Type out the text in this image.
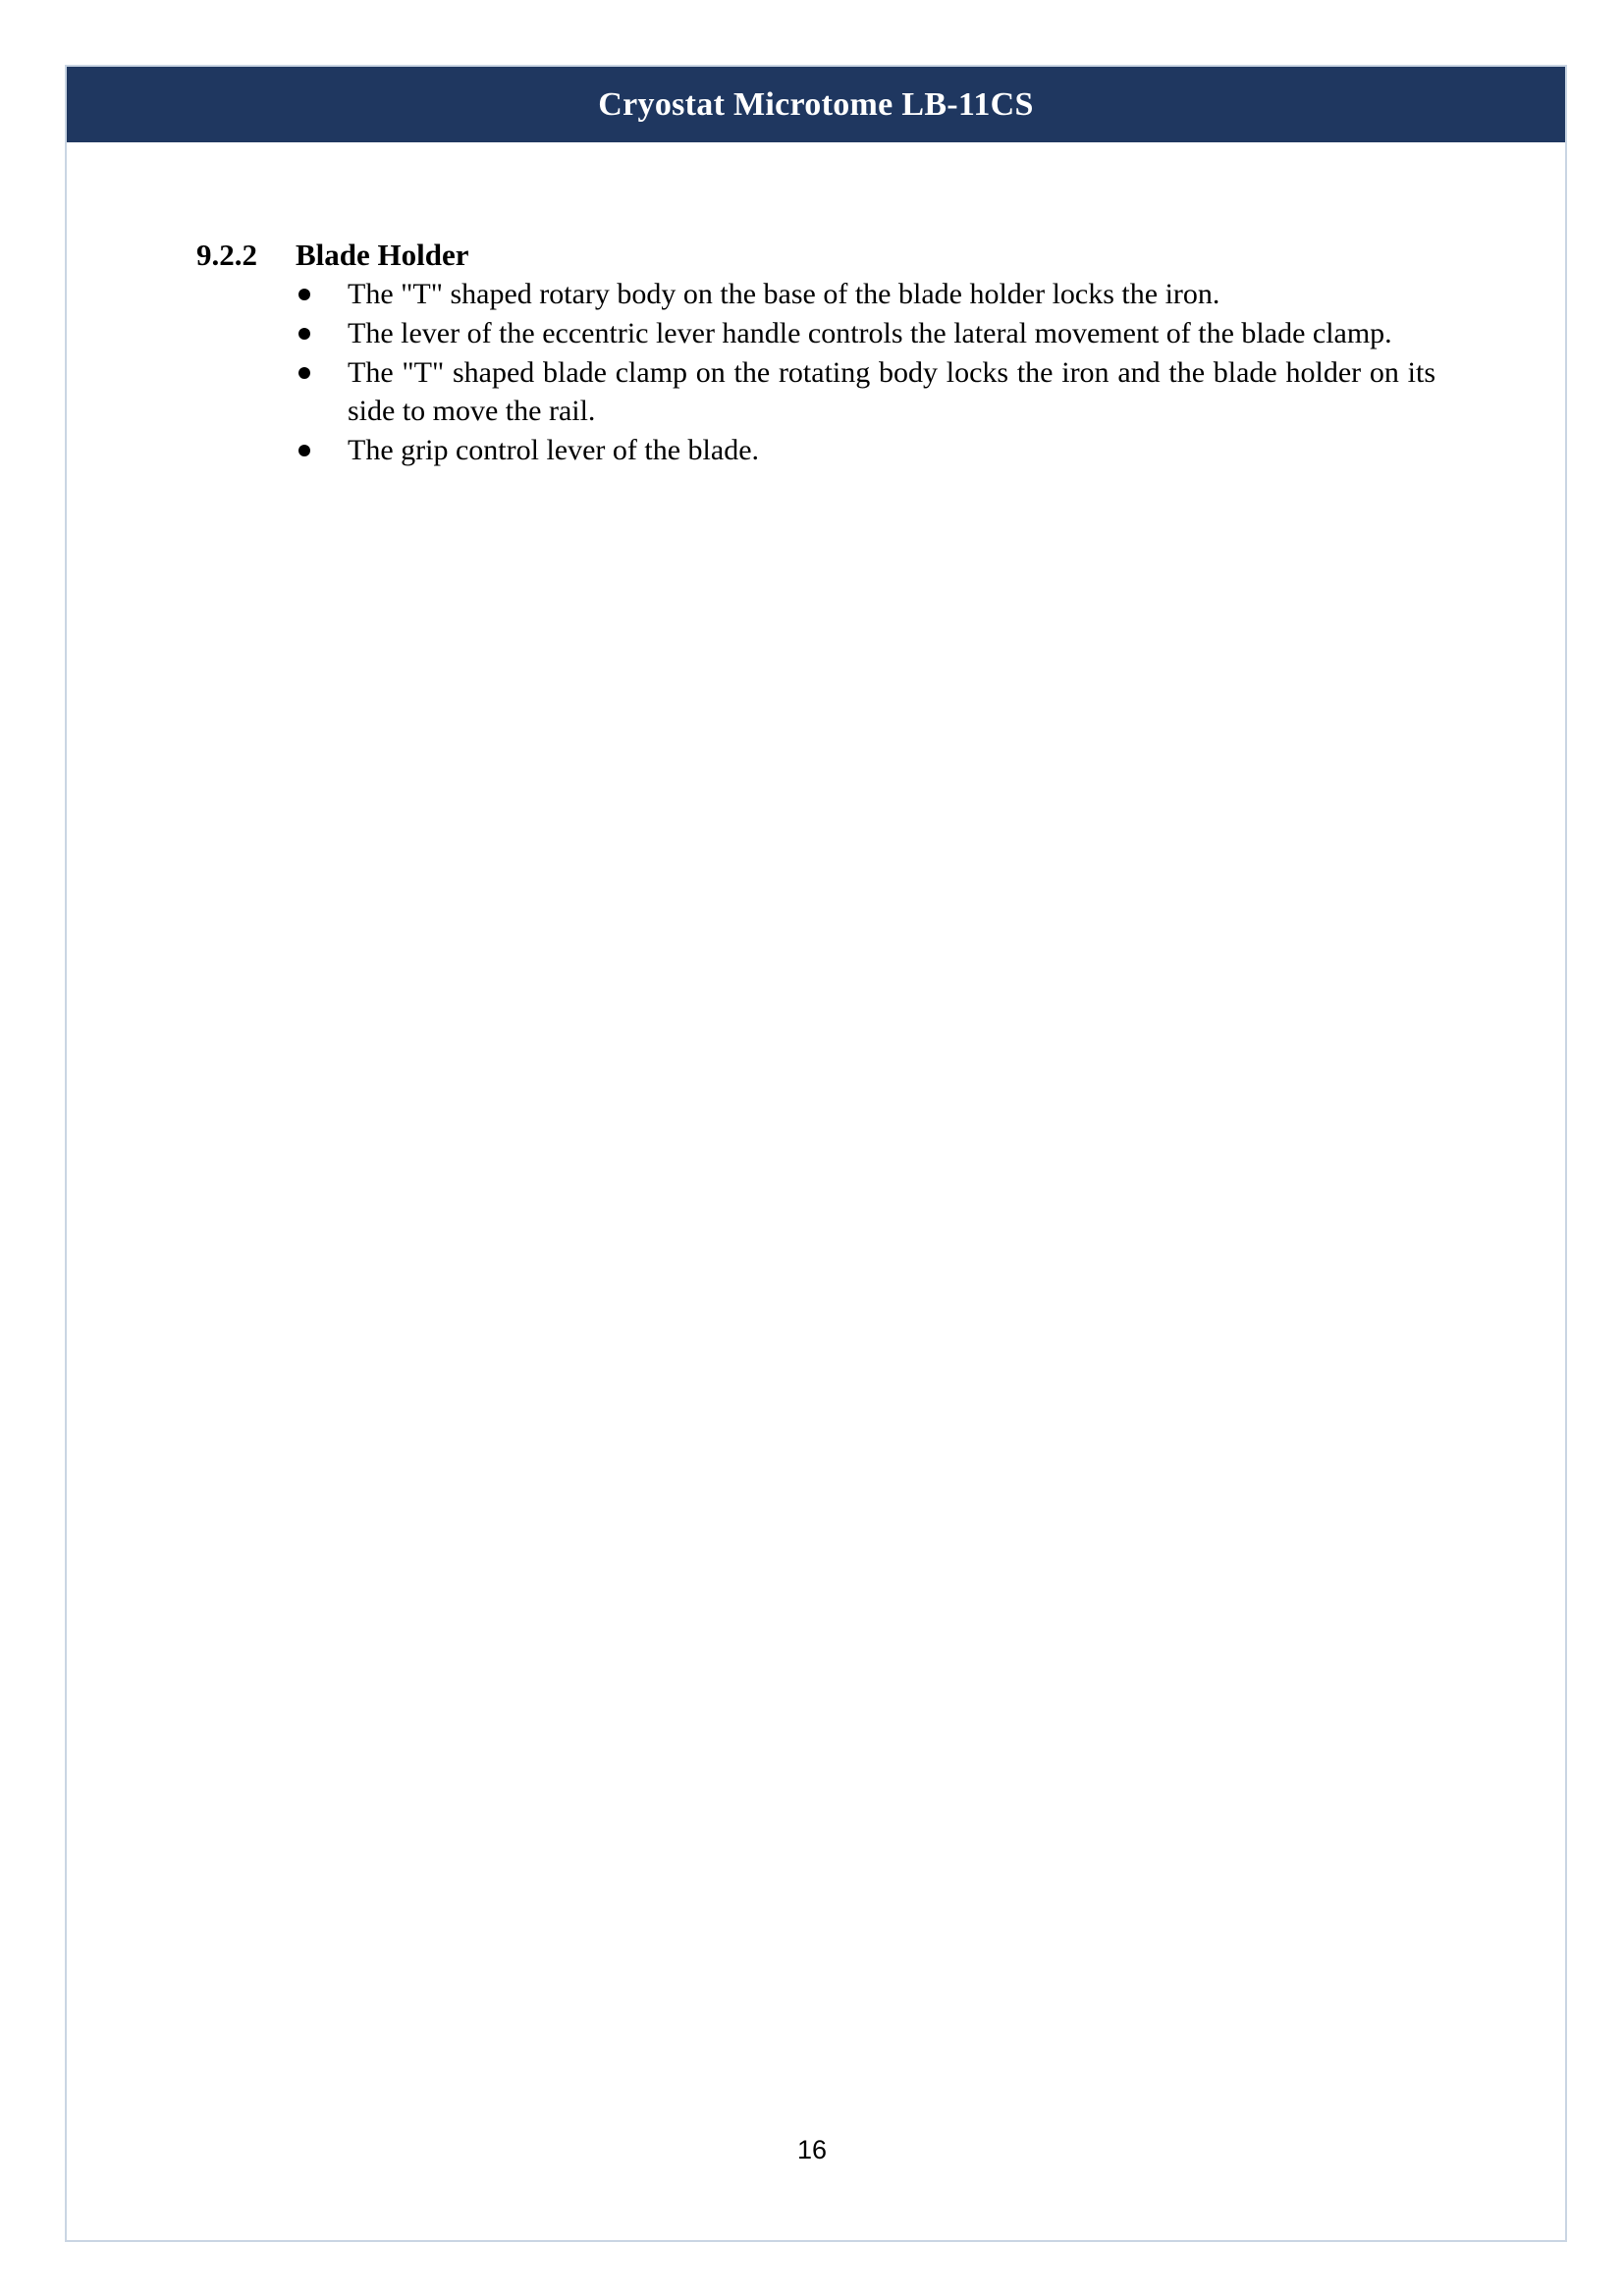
Cryostat Microtome LB-11CS
9.2.2	Blade Holder
The "T" shaped rotary body on the base of the blade holder locks the iron.
The lever of the eccentric lever handle controls the lateral movement of the blade clamp.
The "T" shaped blade clamp on the rotating body locks the iron and the blade holder on its side to move the rail.
The grip control lever of the blade.
16
